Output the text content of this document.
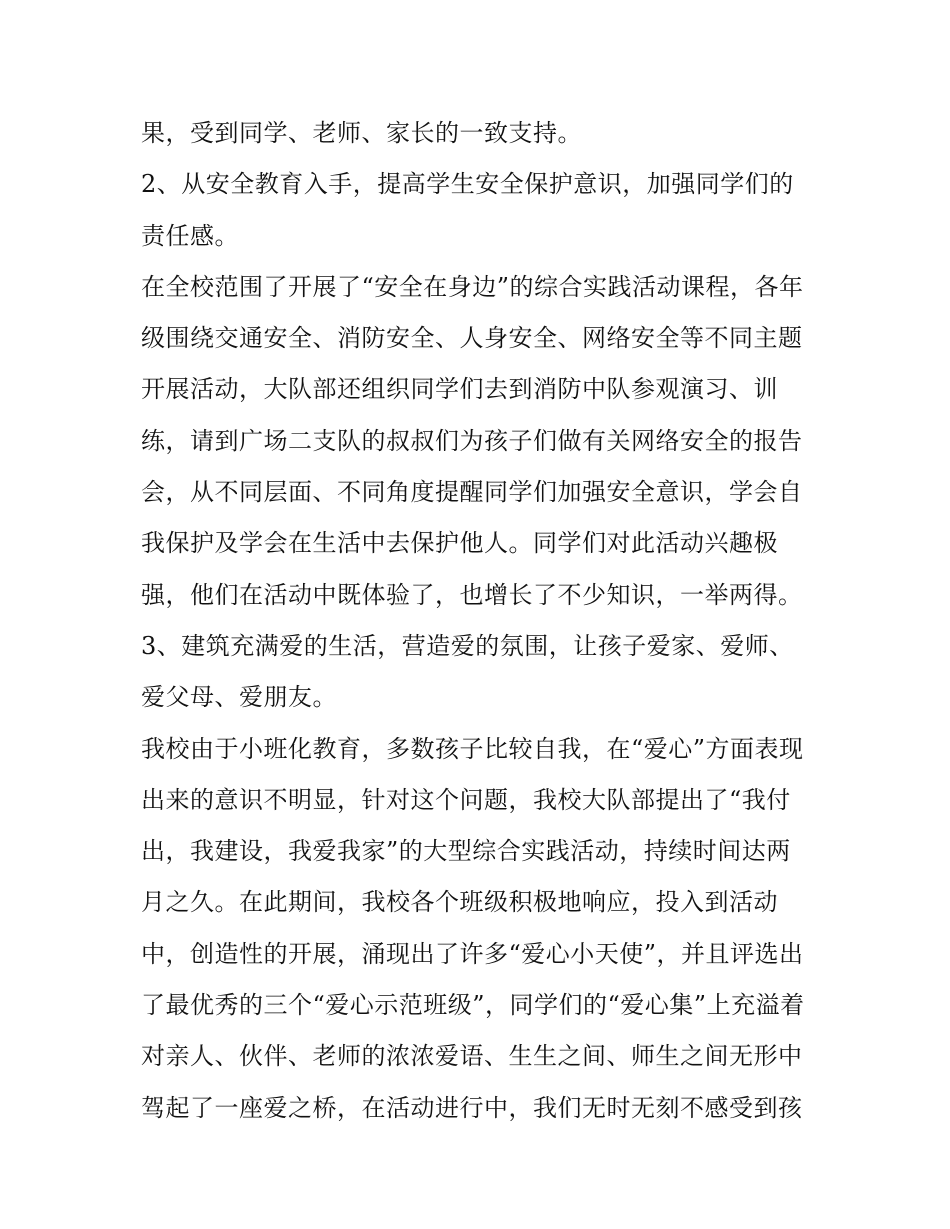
果，受到同学、老师、家长的一致支持。
2、从安全教育入手，提高学生安全保护意识，加强同学们的
责任感。
在全校范围了开展了“安全在身边”的综合实践活动课程，各年
级围绕交通安全、消防安全、人身安全、网络安全等不同主题
开展活动，大队部还组织同学们去到消防中队参观演习、训
练，请到广场二支队的叔叔们为孩子们做有关网络安全的报告
会，从不同层面、不同角度提醒同学们加强安全意识，学会自
我保护及学会在生活中去保护他人。同学们对此活动兴趣极
强，他们在活动中既体验了，也增长了不少知识，一举两得。
3、建筑充满爱的生活，营造爱的氛围，让孩子爱家、爱师、
爱父母、爱朋友。
我校由于小班化教育，多数孩子比较自我，在“爱心”方面表现
出来的意识不明显，针对这个问题，我校大队部提出了“我付
出，我建设，我爱我家”的大型综合实践活动，持续时间达两
月之久。在此期间，我校各个班级积极地响应，投入到活动
中，创造性的开展，涌现出了许多“爱心小天使”，并且评选出
了最优秀的三个“爱心示范班级”，同学们的“爱心集”上充溢着
对亲人、伙伴、老师的浓浓爱语、生生之间、师生之间无形中
驾起了一座爱之桥，在活动进行中，我们无时无刻不感受到孩
